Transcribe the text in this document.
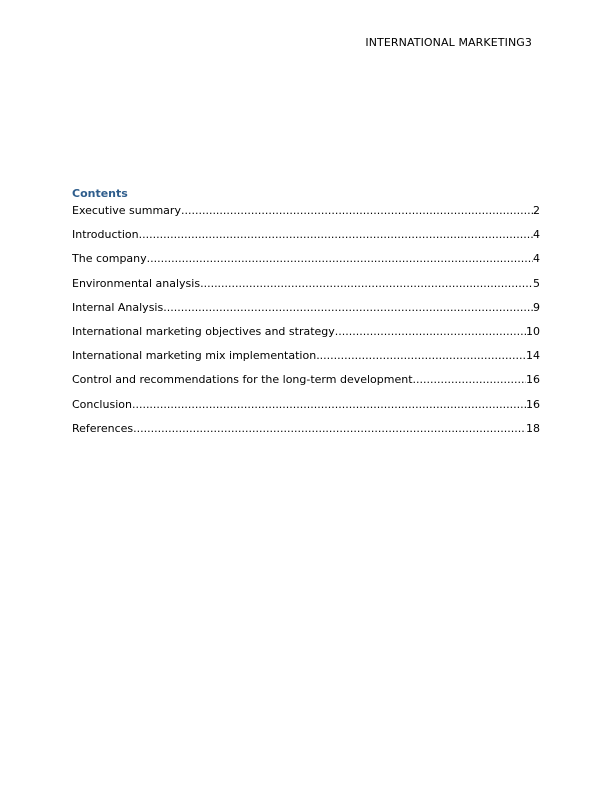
INTERNATIONAL MARKETING3
Contents
Executive summary .....	2
Introduction .....	4
The company .....	4
Environmental analysis .....	5
Internal Analysis .....	9
International marketing objectives and strategy .....	10
International marketing mix implementation .....	14
Control and recommendations for the long-term development .....	16
Conclusion .....	16
References .....	18
